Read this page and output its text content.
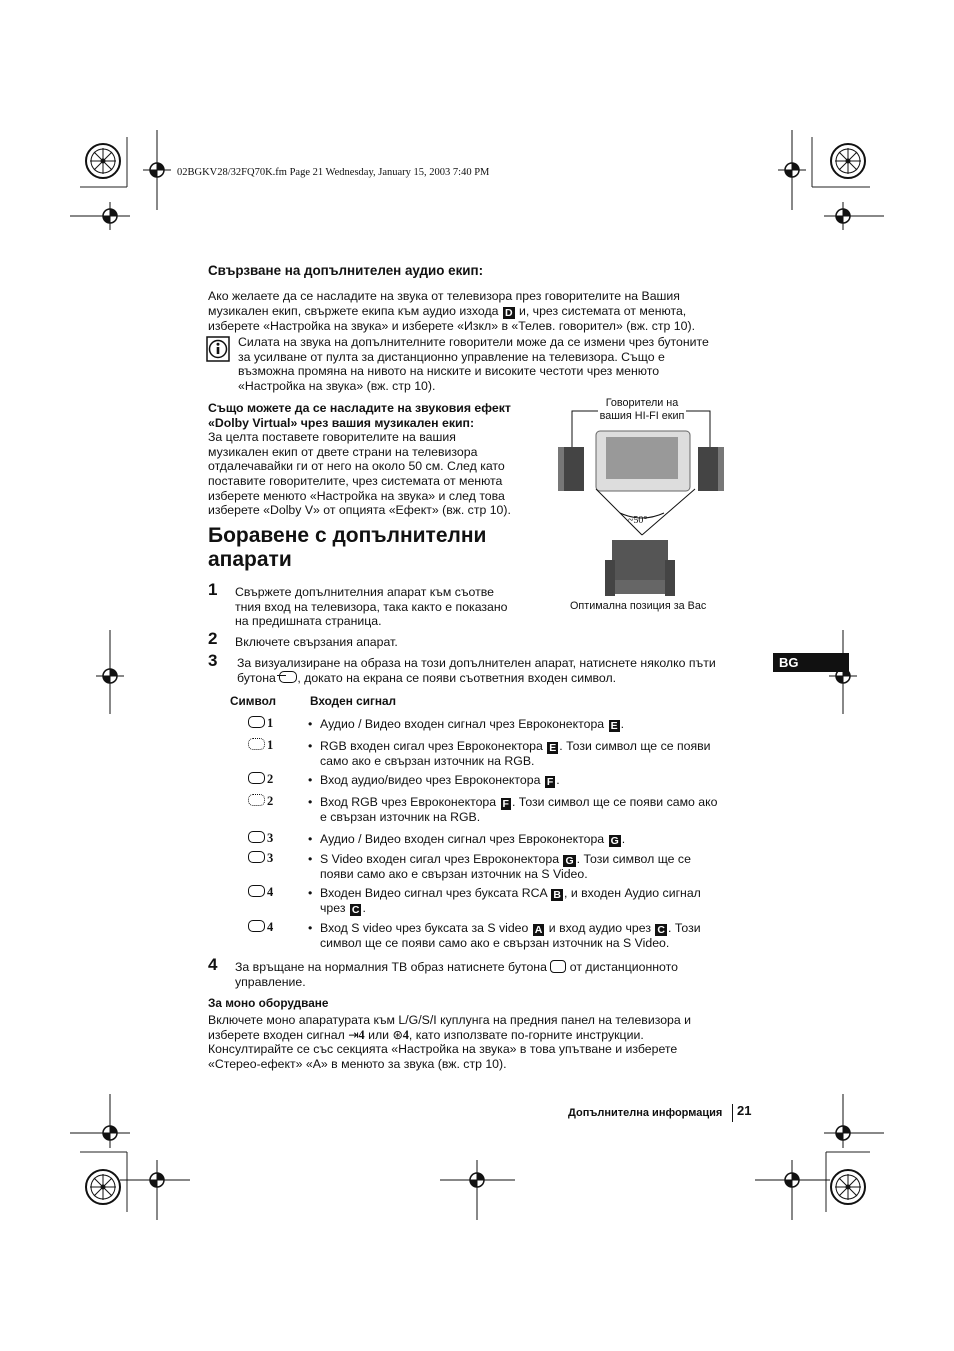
02BGKV28/32FQ70K.fm Page 21 Wednesday, January 15, 2003 7:40 PM
Свързване на допълнителен аудио екип:
Ако желаете да се насладите на звука от телевизора през говорителите на Вашия
музикален екип, свържете екипа към аудио изхода D и, чрез системата от менюта,
изберете «Настройка на звука» и изберете «Изкл» в «Телев. говорител» (вж. стр 10).
Силата на звука на допълнителните говорители може да се измени чрез бутоните
за усилване от пулта за дистанционно управление на телевизора. Също е
възможна промяна на нивото на ниските и високите честоти чрез менюто
«Настройка на звука» (вж. стр 10).
Също можете да се насладите на звуковия ефект
«Dolby Virtual» чрез вашия музикален екип:
За целта поставете говорителите на вашия
музикален екип от двете страни на телевизора
отдалечавайки ги от него на около 50 см. След като
поставите говорителите, чрез системата от менюта
изберете менюто «Настройка на звука» и след това
изберете «Dolby V» от опцията «Ефект» (вж. стр 10).
Говорители на
вашия HI-FI екип
~50°
Оптимална позиция за Вас
Боравене с допълнителни
апарати
1 Свържете допълнителния апарат към съотве
тния вход на телевизора, така както е показано
на предишната страница.
2 Включете свързания апарат.
3 За визуализиране на образа на този допълнителен апарат, натиснете няколко пъти
бутона , докато на екрана се появи съответния входен символ.
BG
Символ	Входен сигнал
1	• Аудио / Видео входен сигнал чрез Евроконектора E .
1	• RGB входен сигал чрез Евроконектора E . Този символ ще се появи
само ако е свързан източник на RGB.
2	• Вход аудио/видео чрез Евроконектора F .
2	• Вход RGB чрез Евроконектора F . Този символ ще се появи само ако
е свързан източник на RGB.
3	• Аудио / Видео входен сигнал чрез Евроконектора G .
3	• S Video входен сигал чрез Евроконектора G . Този символ ще се
появи само ако е свързан източник на S Video.
4	• Входен Видео сигнал чрез буксата RCA B , и входен Аудио сигнал
чрез C .
4	• Вход S video чрез буксата за S video A и вход аудио чрез C . Този
символ ще се появи само ако е свързан източник на S Video.
4 За връщане на нормалния ТВ образ натиснете бутона от дистанционното
управление.
За моно оборудване
Включете моно апаратурата към L/G/S/I куплунга на предния панел на телевизора и
изберете входен сигнал ⇥4 или ⊛4, като използвате по-горните инструкции.
Консултирайте се със секцията «Настройка на звука» в това упътване и изберете
«Стерео-ефект» «А» в менюто за звука (вж. стр 10).
Допълнителна информация 21
